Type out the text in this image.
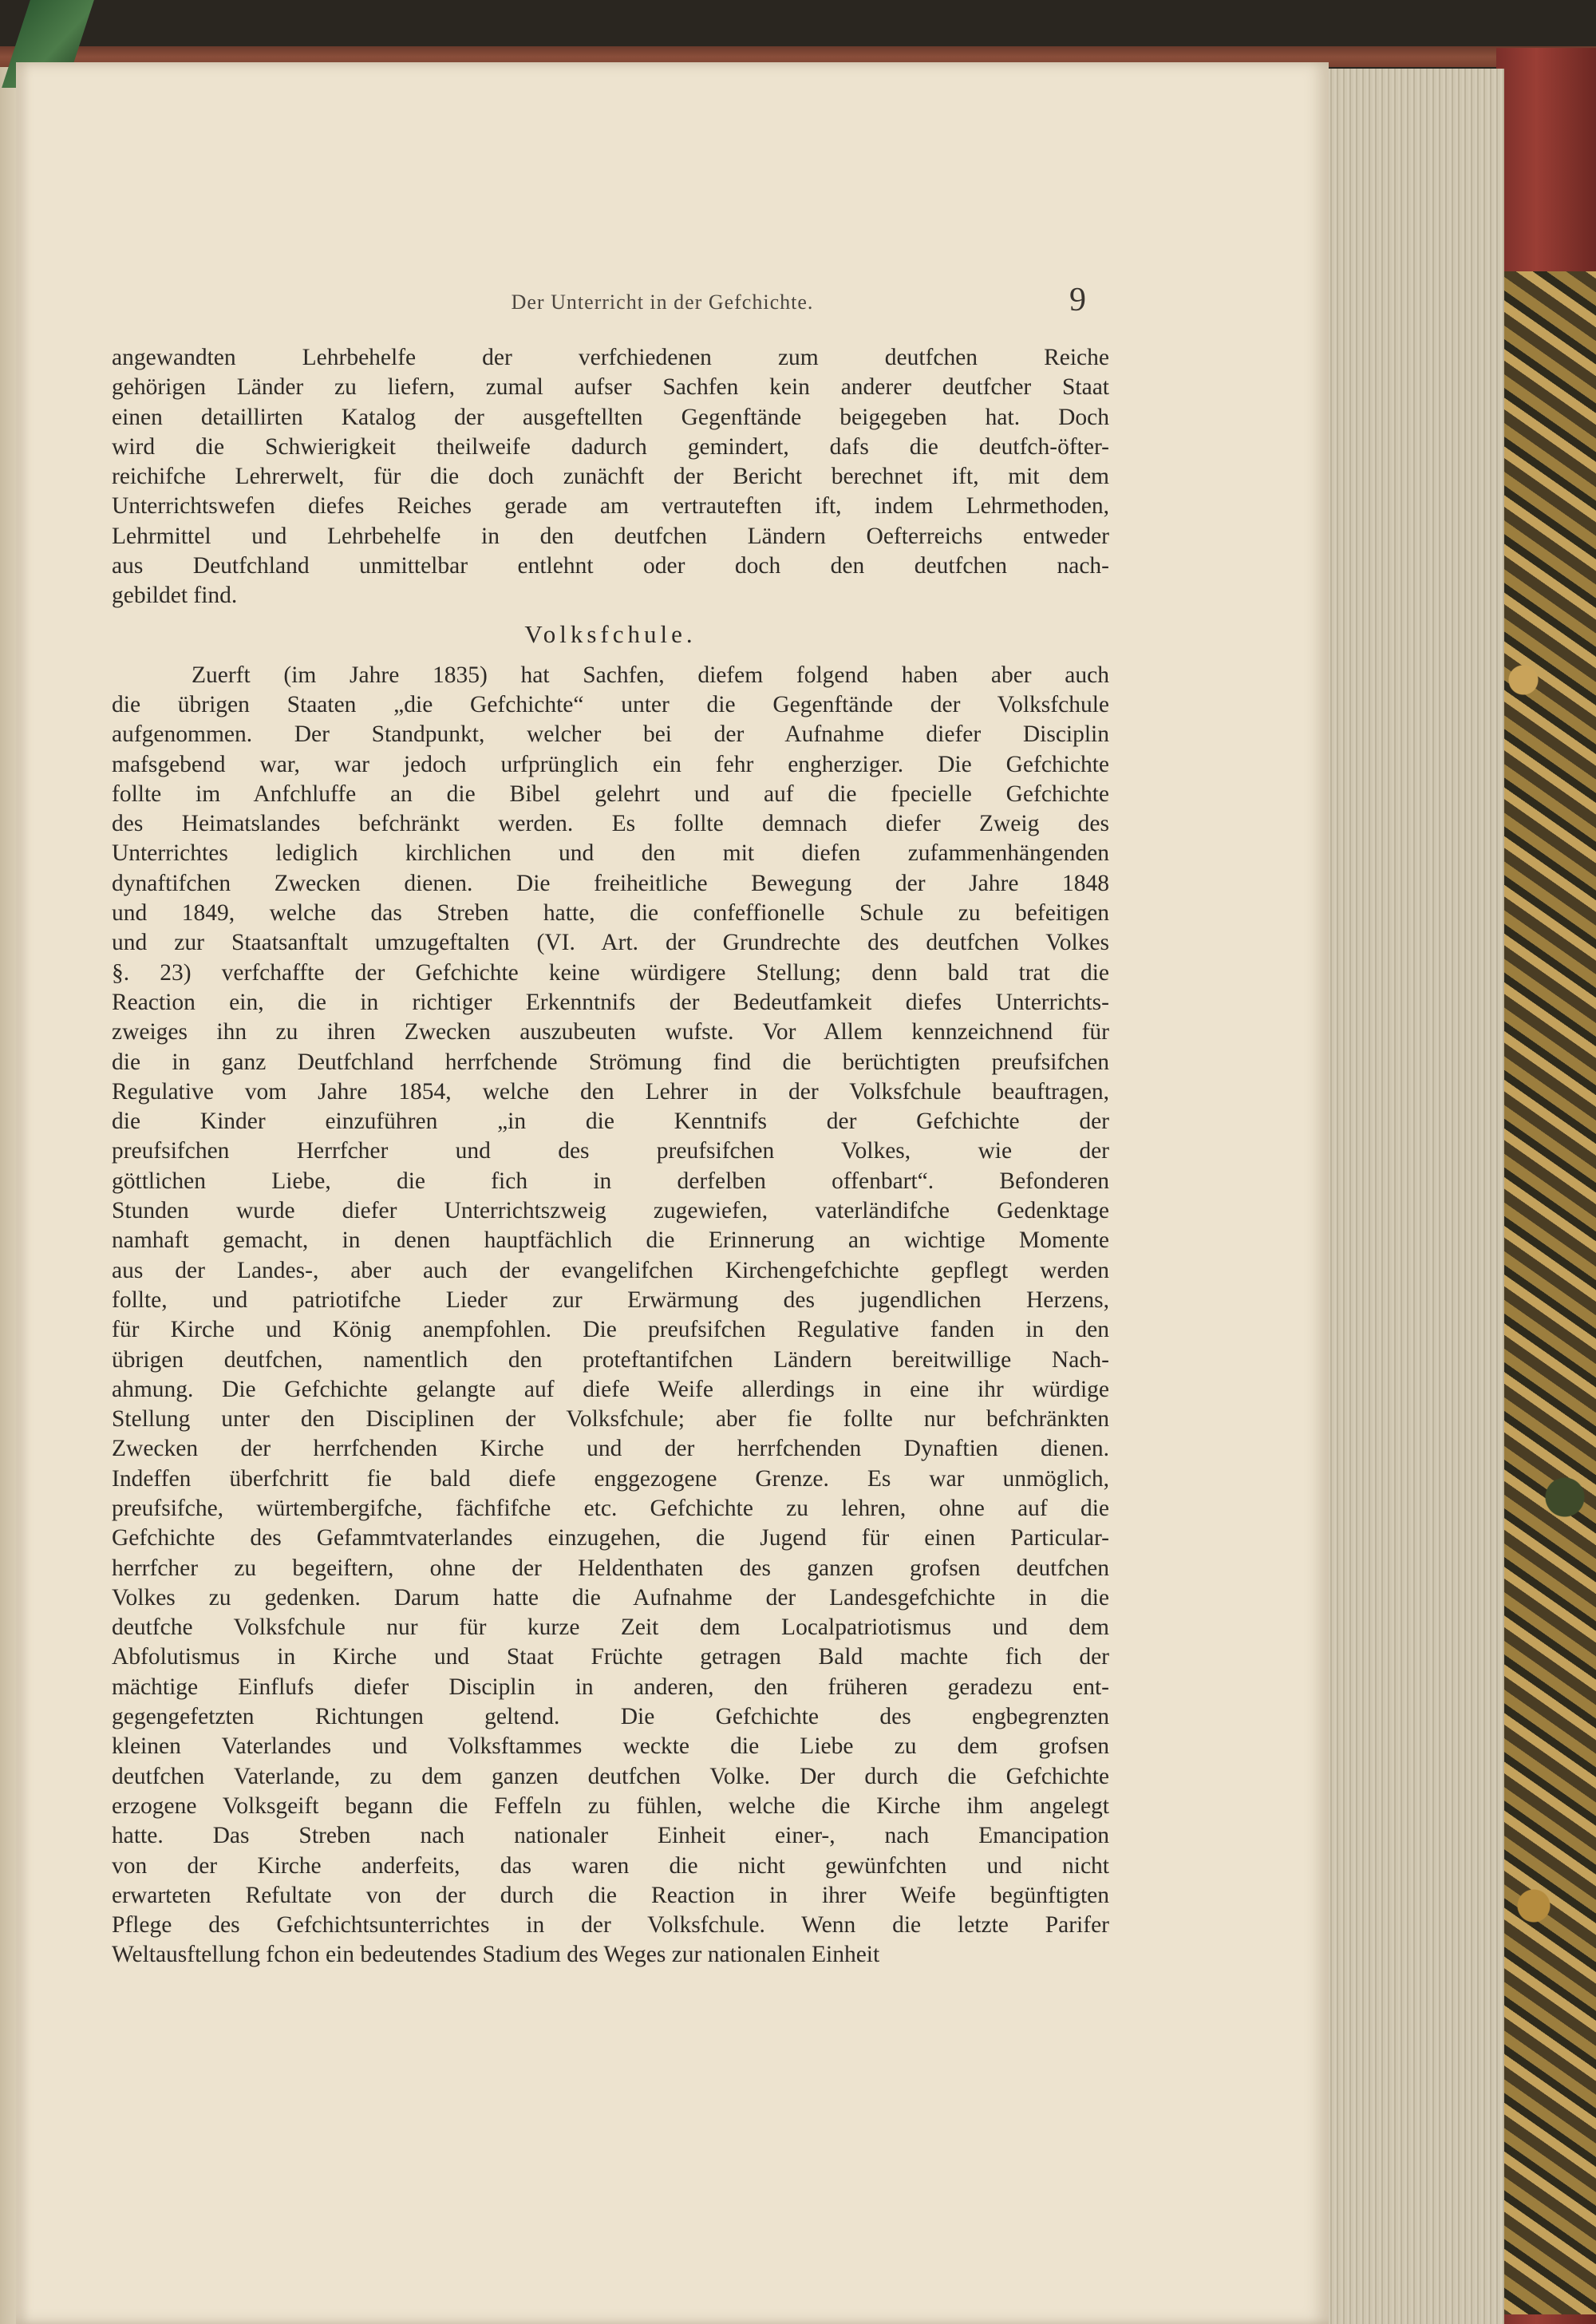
Der Unterricht in der Gefchichte.	9
angewandten Lehrbehelfe der verfchiedenen zum deutfchen Reiche
gehörigen Länder zu liefern, zumal aufser Sachfen kein anderer deutfcher Staat
einen detaillirten Katalog der ausgeftellten Gegenftände beigegeben hat. Doch
wird die Schwierigkeit theilweife dadurch gemindert, dafs die deutfch-öfter-
reichifche Lehrerwelt, für die doch zunächft der Bericht berechnet ift, mit dem
Unterrichtswefen diefes Reiches gerade am vertrauteften ift, indem Lehrmethoden,
Lehrmittel und Lehrbehelfe in den deutfchen Ländern Oefterreichs entweder
aus Deutfchland unmittelbar entlehnt oder doch den deutfchen nach-
gebildet find.
Volksfchule.
Zuerft (im Jahre 1835) hat Sachfen, diefem folgend haben aber auch
die übrigen Staaten „die Gefchichte“ unter die Gegenftände der Volksfchule
aufgenommen. Der Standpunkt, welcher bei der Aufnahme diefer Disciplin
mafsgebend war, war jedoch urfprünglich ein fehr engherziger. Die Gefchichte
follte im Anfchluffe an die Bibel gelehrt und auf die fpecielle Gefchichte
des Heimatslandes befchränkt werden. Es follte demnach diefer Zweig des
Unterrichtes lediglich kirchlichen und den mit diefen zufammenhängenden
dynaftifchen Zwecken dienen. Die freiheitliche Bewegung der Jahre 1848
und 1849, welche das Streben hatte, die confeffionelle Schule zu befeitigen
und zur Staatsanftalt umzugeftalten (VI. Art. der Grundrechte des deutfchen Volkes
§. 23) verfchaffte der Gefchichte keine würdigere Stellung; denn bald trat die
Reaction ein, die in richtiger Erkenntnifs der Bedeutfamkeit diefes Unterrichts-
zweiges ihn zu ihren Zwecken auszubeuten wufste. Vor Allem kennzeichnend für
die in ganz Deutfchland herrfchende Strömung find die berüchtigten preufsifchen
Regulative vom Jahre 1854, welche den Lehrer in der Volksfchule beauftragen,
die Kinder einzuführen „in die Kenntnifs der Gefchichte der
preufsifchen Herrfcher und des preufsifchen Volkes, wie der
göttlichen Liebe, die fich in derfelben offenbart“. Befonderen
Stunden wurde diefer Unterrichtszweig zugewiefen, vaterländifche Gedenktage
namhaft gemacht, in denen hauptfächlich die Erinnerung an wichtige Momente
aus der Landes-, aber auch der evangelifchen Kirchengefchichte gepflegt werden
follte, und patriotifche Lieder zur Erwärmung des jugendlichen Herzens,
für Kirche und König anempfohlen. Die preufsifchen Regulative fanden in den
übrigen deutfchen, namentlich den proteftantifchen Ländern bereitwillige Nach-
ahmung. Die Gefchichte gelangte auf diefe Weife allerdings in eine ihr würdige
Stellung unter den Disciplinen der Volksfchule; aber fie follte nur befchränkten
Zwecken der herrfchenden Kirche und der herrfchenden Dynaftien dienen.
Indeffen überfchritt fie bald diefe enggezogene Grenze. Es war unmöglich,
preufsifche, würtembergifche, fächfifche etc. Gefchichte zu lehren, ohne auf die
Gefchichte des Gefammtvaterlandes einzugehen, die Jugend für einen Particular-
herrfcher zu begeiftern, ohne der Heldenthaten des ganzen grofsen deutfchen
Volkes zu gedenken. Darum hatte die Aufnahme der Landesgefchichte in die
deutfche Volksfchule nur für kurze Zeit dem Localpatriotismus und dem
Abfolutismus in Kirche und Staat Früchte getragen Bald machte fich der
mächtige Einflufs diefer Disciplin in anderen, den früheren geradezu ent-
gegengefetzten Richtungen geltend. Die Gefchichte des engbegrenzten
kleinen Vaterlandes und Volksftammes weckte die Liebe zu dem grofsen
deutfchen Vaterlande, zu dem ganzen deutfchen Volke. Der durch die Gefchichte
erzogene Volksgeift begann die Feffeln zu fühlen, welche die Kirche ihm angelegt
hatte. Das Streben nach nationaler Einheit einer-, nach Emancipation
von der Kirche anderfeits, das waren die nicht gewünfchten und nicht
erwarteten Refultate von der durch die Reaction in ihrer Weife begünftigten
Pflege des Gefchichtsunterrichtes in der Volksfchule. Wenn die letzte Parifer
Weltausftellung fchon ein bedeutendes Stadium des Weges zur nationalen Einheit
